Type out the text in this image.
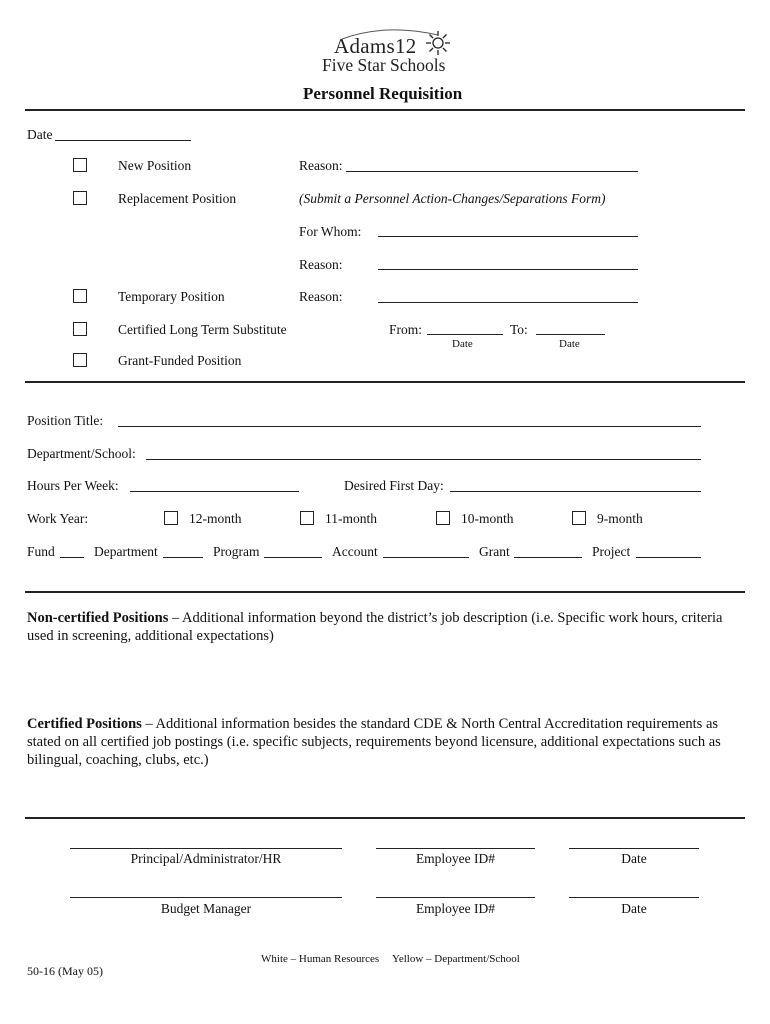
Adams12
Five Star Schools
Personnel Requisition
Date
New Position	Reason:
Replacement Position	(Submit a Personnel Action-Changes/Separations Form)
For Whom:
Reason:
Temporary Position	Reason:
Certified Long Term Substitute	From:	To:
Date	Date
Grant-Funded Position
Position Title:
Department/School:
Hours Per Week:	Desired First Day:
Work Year:	12-month	11-month	10-month	9-month
Fund	Department	Program	Account	Grant	Project
Non-certified Positions – Additional information beyond the district’s job description (i.e. Specific work hours, criteria used in screening, additional expectations)
Certified Positions – Additional information besides the standard CDE & North Central Accreditation requirements as stated on all certified job postings (i.e. specific subjects, requirements beyond licensure, additional expectations such as bilingual, coaching, clubs, etc.)
Principal/Administrator/HR	Employee ID#	Date
Budget Manager	Employee ID#	Date
White – Human Resources Yellow – Department/School
50-16 (May 05)
